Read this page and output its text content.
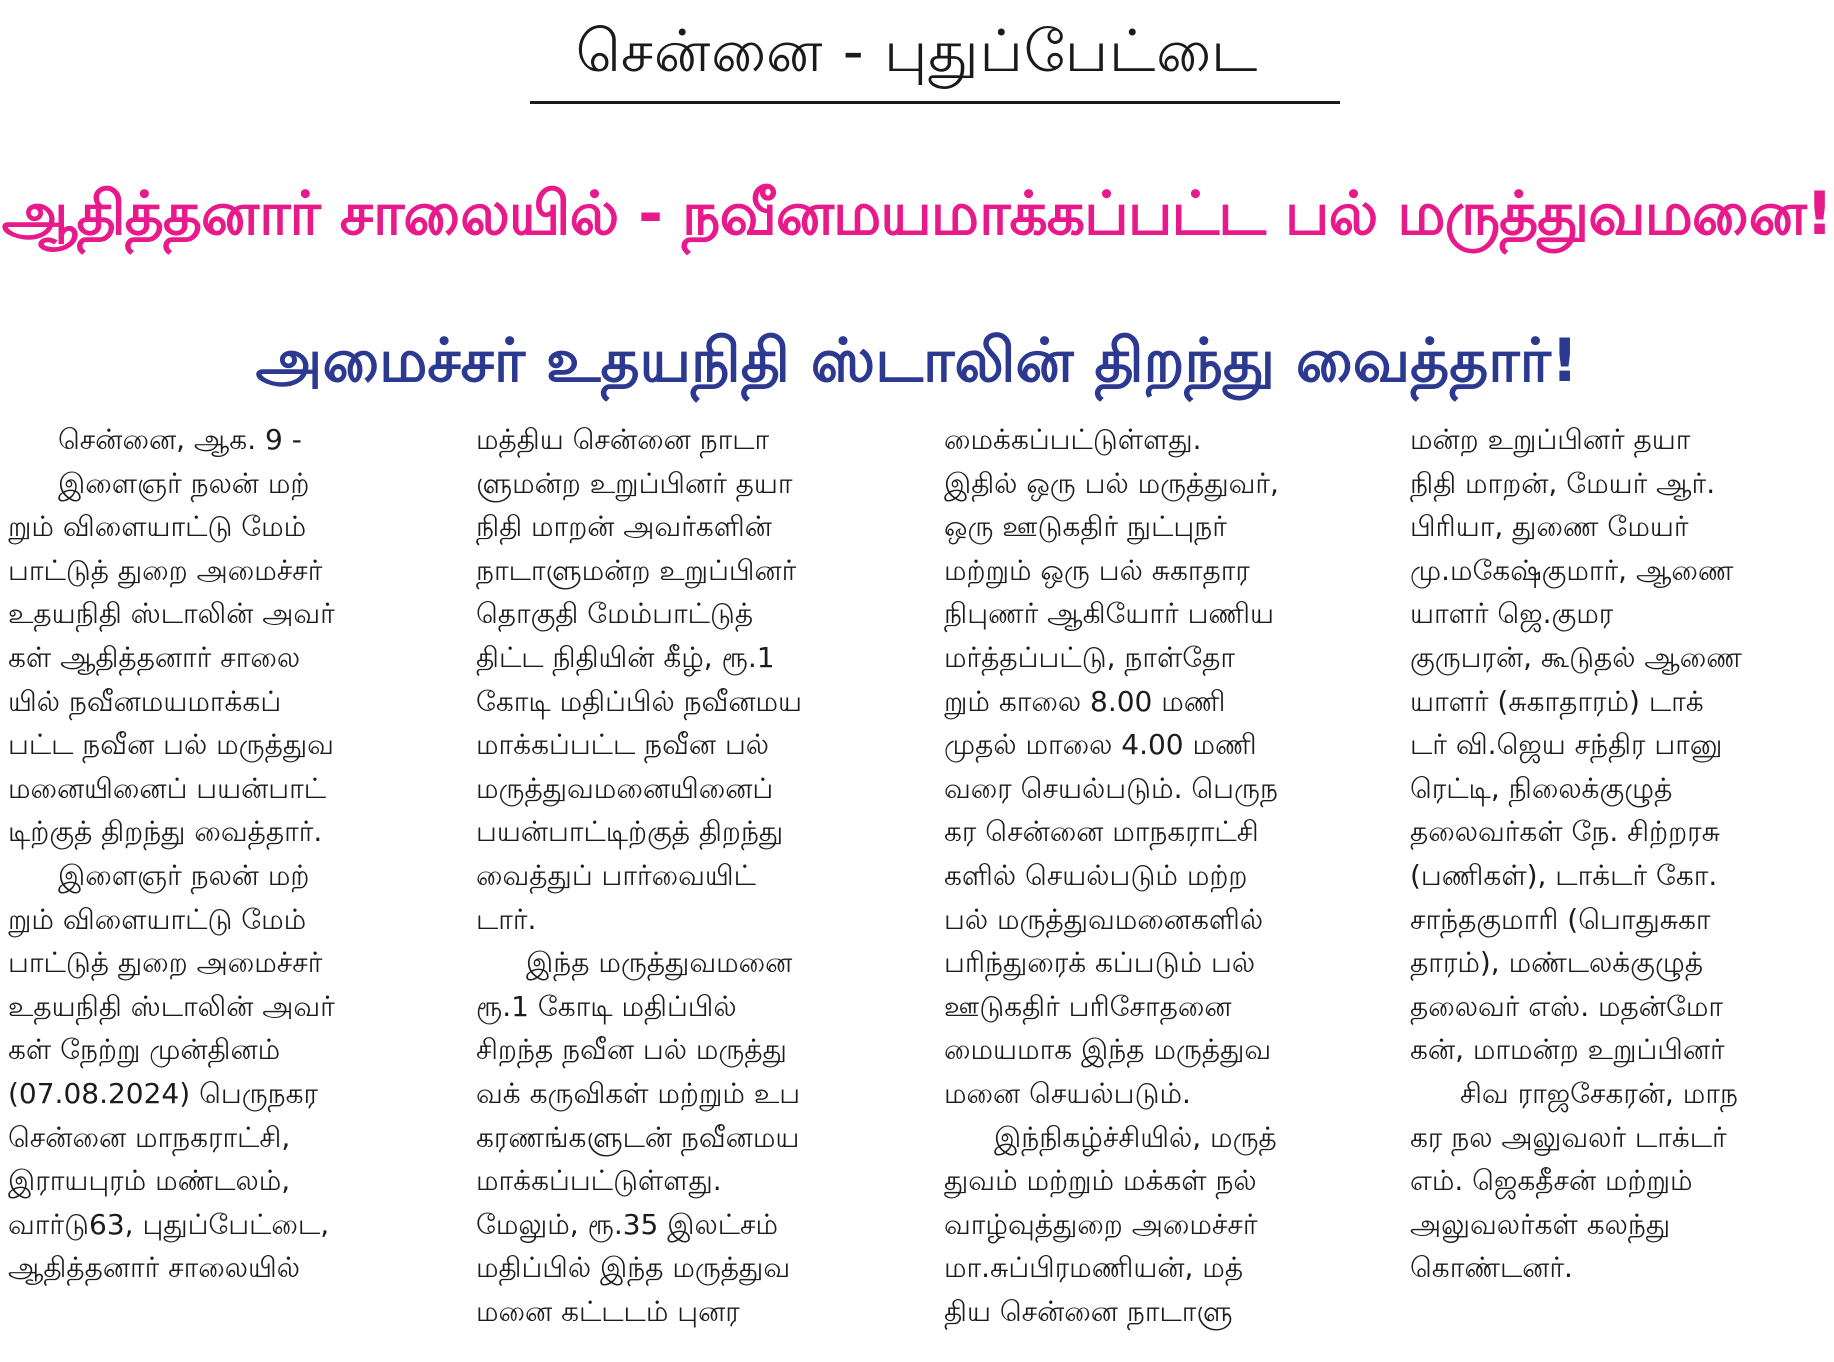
சென்னை - புதுப்பேட்டை
ஆதித்தனார் சாலையில் - நவீனமயமாக்கப்பட்ட பல் மருத்துவமனை!
அமைச்சர் உதயநிதி ஸ்டாலின் திறந்து வைத்தார்!

சென்னை, ஆக. 9 -

இளைஞர் நலன் மற்

றும் விளையாட்டு மேம்

பாட்டுத் துறை அமைச்சர்

உதயநிதி ஸ்டாலின் அவர்

கள் ஆதித்தனார் சாலை

யில் நவீனமயமாக்கப்

பட்ட நவீன பல் மருத்துவ

மனையினைப் பயன்பாட்

டிற்குத் திறந்து வைத்தார்.

இளைஞர் நலன் மற்

றும் விளையாட்டு மேம்

பாட்டுத் துறை அமைச்சர்

உதயநிதி ஸ்டாலின் அவர்

கள் நேற்று முன்தினம்

(07.08.2024) பெருநகர

சென்னை மாநகராட்சி,

இராயபுரம் மண்டலம்,

வார்டு63, புதுப்பேட்டை,

ஆதித்தனார் சாலையில்

மத்திய சென்னை நாடா

ளுமன்ற உறுப்பினர் தயா

நிதி மாறன் அவர்களின்

நாடாளுமன்ற உறுப்பினர்

தொகுதி மேம்பாட்டுத்

திட்ட நிதியின் கீழ், ரூ.1

கோடி மதிப்பில் நவீனமய

மாக்கப்பட்ட நவீன பல்

மருத்துவமனையினைப்

பயன்பாட்டிற்குத் திறந்து

வைத்துப் பார்வையிட்

டார்.

இந்த மருத்துவமனை

ரூ.1 கோடி மதிப்பில்

சிறந்த நவீன பல் மருத்து

வக் கருவிகள் மற்றும் உப

கரணங்களுடன் நவீனமய

மாக்கப்பட்டுள்ளது.

மேலும், ரூ.35 இலட்சம்

மதிப்பில் இந்த மருத்துவ

மனை கட்டடம் புனர

மைக்கப்பட்டுள்ளது.

இதில் ஒரு பல் மருத்துவர்,

ஒரு ஊடுகதிர் நுட்புநர்

மற்றும் ஒரு பல் சுகாதார

நிபுணர் ஆகியோர் பணிய

மர்த்தப்பட்டு, நாள்தோ

றும் காலை 8.00 மணி

முதல் மாலை 4.00 மணி

வரை செயல்படும். பெருந

கர சென்னை மாநகராட்சி

களில் செயல்படும் மற்ற

பல் மருத்துவமனைகளில்

பரிந்துரைக் கப்படும் பல்

ஊடுகதிர் பரிசோதனை

மையமாக இந்த மருத்துவ

மனை செயல்படும்.

இந்நிகழ்ச்சியில், மருத்

துவம் மற்றும் மக்கள் நல்

வாழ்வுத்துறை அமைச்சர்

மா.சுப்பிரமணியன், மத்

திய சென்னை நாடாளு

மன்ற உறுப்பினர் தயா

நிதி மாறன், மேயர் ஆர்.

பிரியா, துணை மேயர்

மு.மகேஷ்குமார், ஆணை

யாளர் ஜெ.குமர

குருபரன், கூடுதல் ஆணை

யாளர் (சுகாதாரம்) டாக்

டர் வி.ஜெய சந்திர பானு

ரெட்டி, நிலைக்குழுத்

தலைவர்கள் நே. சிற்றரசு

(பணிகள்), டாக்டர் கோ.

சாந்தகுமாரி (பொதுசுகா

தாரம்), மண்டலக்குழுத்

தலைவர் எஸ். மதன்மோ

கன், மாமன்ற உறுப்பினர்

சிவ ராஜசேகரன், மாந

கர நல அலுவலர் டாக்டர்

எம். ஜெகதீசன் மற்றும்

அலுவலர்கள் கலந்து

கொண்டனர்.
